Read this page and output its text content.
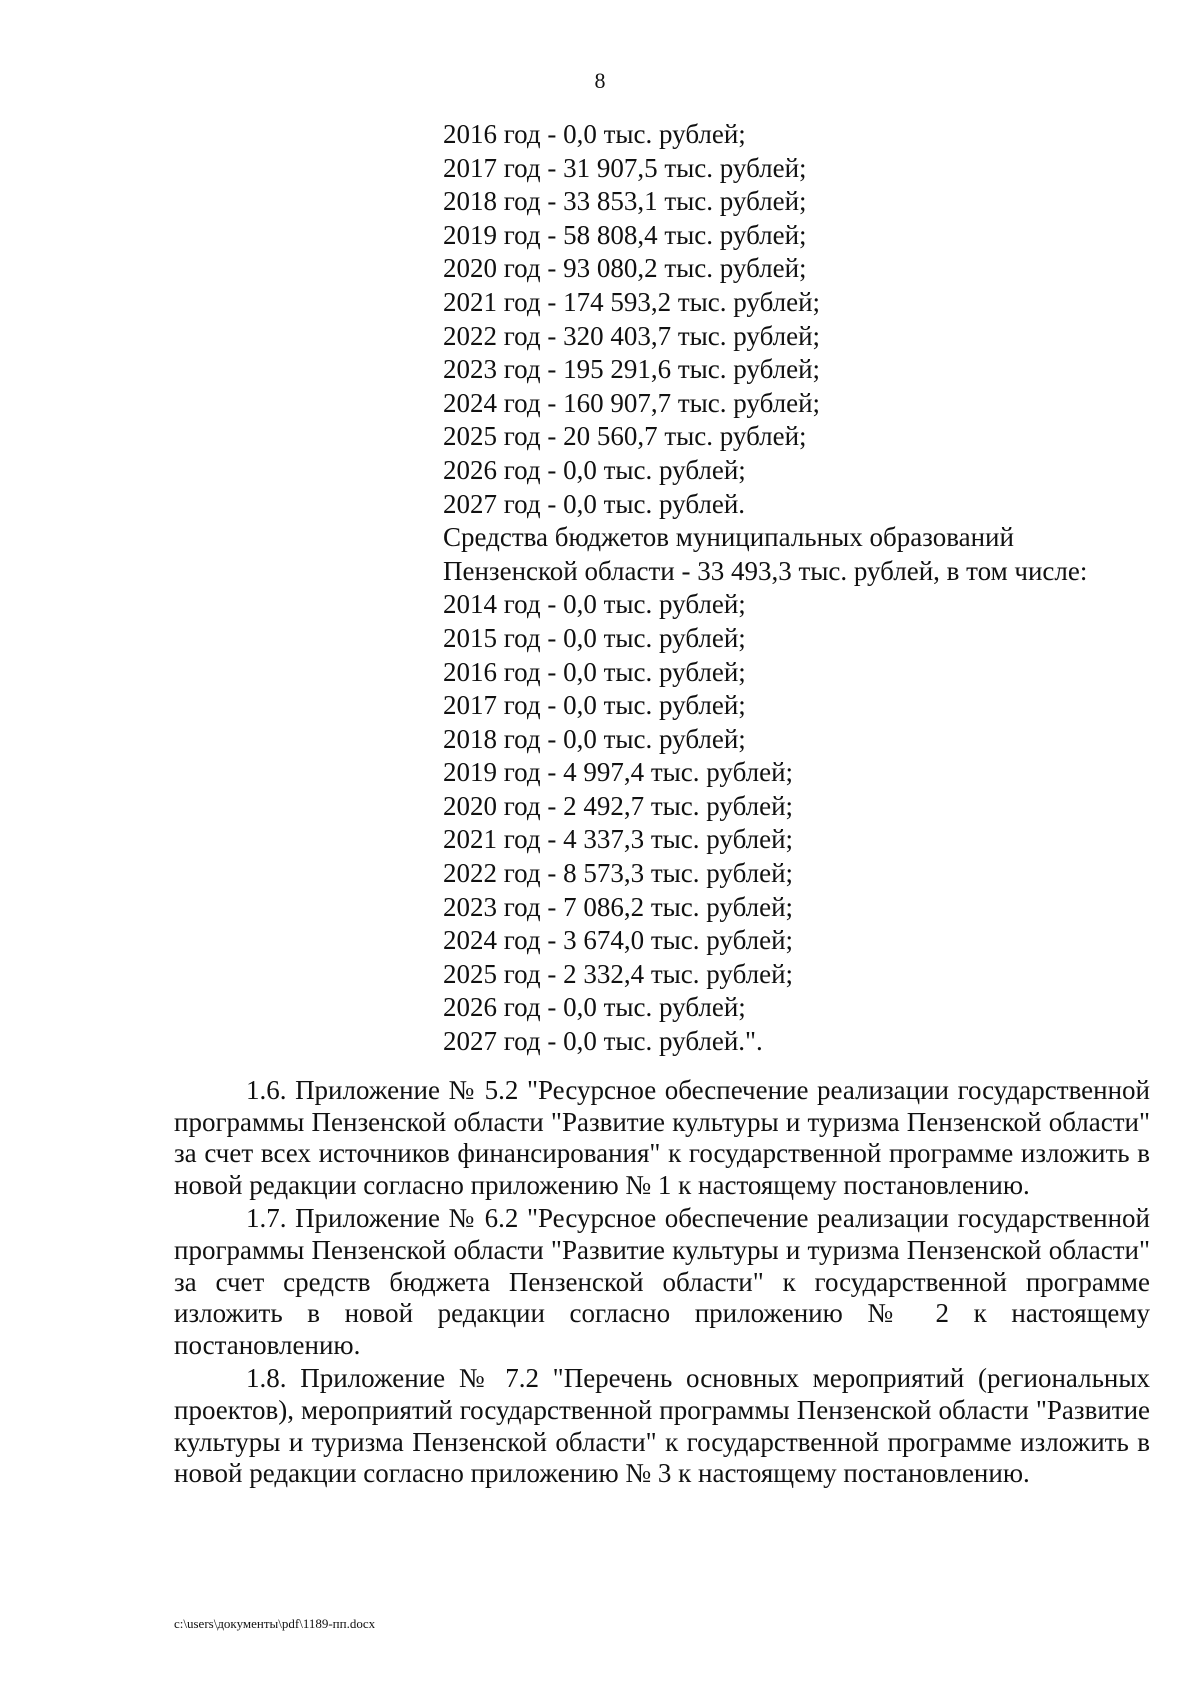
8
2016 год - 0,0 тыс. рублей;
2017 год - 31 907,5 тыс. рублей;
2018 год - 33 853,1 тыс. рублей;
2019 год - 58 808,4 тыс. рублей;
2020 год - 93 080,2 тыс. рублей;
2021 год - 174 593,2 тыс. рублей;
2022 год - 320 403,7 тыс. рублей;
2023 год - 195 291,6 тыс. рублей;
2024 год - 160 907,7 тыс. рублей;
2025 год - 20 560,7 тыс. рублей;
2026 год - 0,0 тыс. рублей;
2027 год - 0,0 тыс. рублей.
Средства бюджетов муниципальных образований
Пензенской области - 33 493,3 тыс. рублей, в том числе:
2014 год - 0,0 тыс. рублей;
2015 год - 0,0 тыс. рублей;
2016 год - 0,0 тыс. рублей;
2017 год - 0,0 тыс. рублей;
2018 год - 0,0 тыс. рублей;
2019 год - 4 997,4 тыс. рублей;
2020 год - 2 492,7 тыс. рублей;
2021 год - 4 337,3 тыс. рублей;
2022 год - 8 573,3 тыс. рублей;
2023 год - 7 086,2 тыс. рублей;
2024 год - 3 674,0 тыс. рублей;
2025 год - 2 332,4 тыс. рублей;
2026 год - 0,0 тыс. рублей;
2027 год - 0,0 тыс. рублей.".

1.6. Приложение № 5.2 "Ресурсное обеспечение реализации государственной программы Пензенской области "Развитие культуры и туризма Пензенской области" за счет всех источников финансирования" к государственной программе изложить в новой редакции согласно приложению № 1 к настоящему постановлению.

1.7. Приложение № 6.2 "Ресурсное обеспечение реализации государственной программы Пензенской области "Развитие культуры и туризма Пензенской области" за счет средств бюджета Пензенской области" к государственной программе изложить в новой редакции согласно приложению № 2 к настоящему постановлению.

1.8. Приложение № 7.2 "Перечень основных мероприятий (региональных проектов), мероприятий государственной программы Пензенской области "Развитие культуры и туризма Пензенской области" к государственной программе изложить в новой редакции согласно приложению № 3 к настоящему постановлению.

c:\users\документы\pdf\1189-пп.docx
